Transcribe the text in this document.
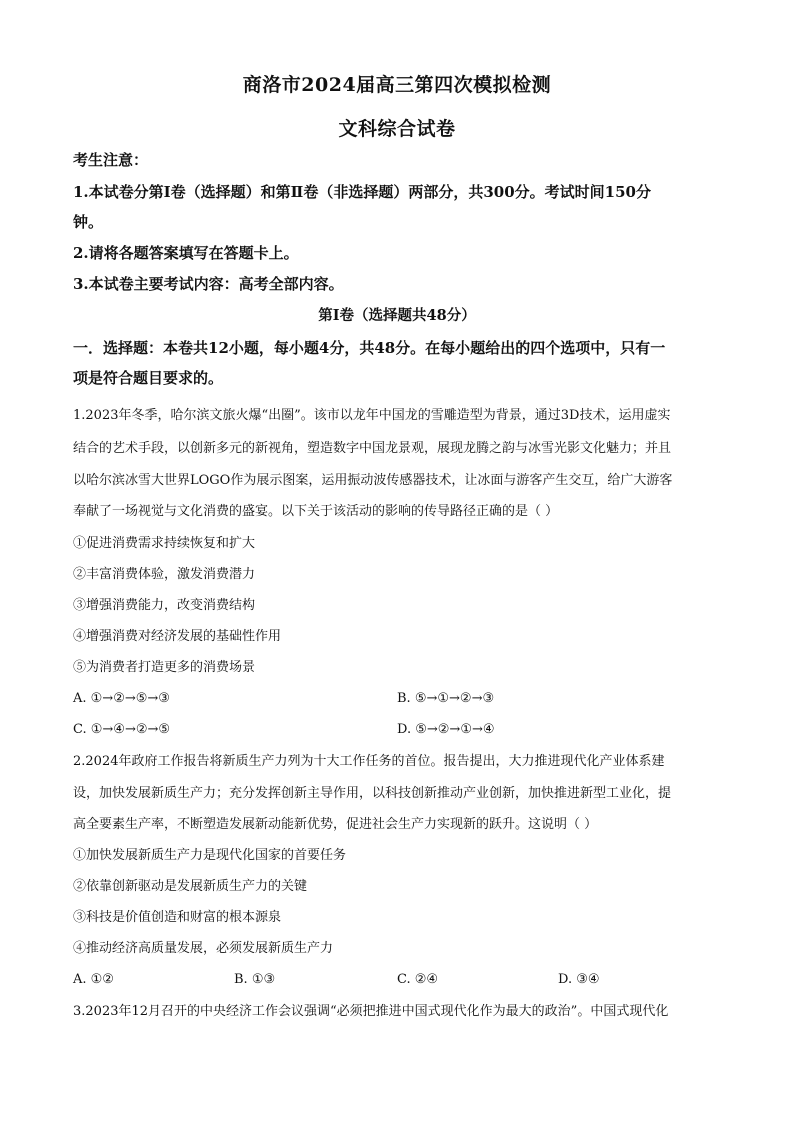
商洛市2024届高三第四次模拟检测
文科综合试卷
考生注意：
1.本试卷分第Ⅰ卷（选择题）和第Ⅱ卷（非选择题）两部分，共300分。考试时间150分
钟。
2.请将各题答案填写在答题卡上。
3.本试卷主要考试内容：高考全部内容。
第Ⅰ卷（选择题共48分）
一．选择题：本卷共12小题，每小题4分，共48分。在每小题给出的四个选项中，只有一
项是符合题目要求的。
1.2023年冬季，哈尔滨文旅火爆“出圈”。该市以龙年中国龙的雪雕造型为背景，通过3D技术，运用虚实
结合的艺术手段，以创新多元的新视角，塑造数字中国龙景观，展现龙腾之韵与冰雪光影文化魅力；并且
以哈尔滨冰雪大世界LOGO作为展示图案，运用振动波传感器技术，让冰面与游客产生交互，给广大游客
奉献了一场视觉与文化消费的盛宴。以下关于该活动的影响的传导路径正确的是（ ）
①促进消费需求持续恢复和扩大
②丰富消费体验，激发消费潜力
③增强消费能力，改变消费结构
④增强消费对经济发展的基础性作用
⑤为消费者打造更多的消费场景
A. ①→②→⑤→③	B. ⑤→①→②→③
C. ①→④→②→⑤	D. ⑤→②→①→④
2.2024年政府工作报告将新质生产力列为十大工作任务的首位。报告提出，大力推进现代化产业体系建
设，加快发展新质生产力；充分发挥创新主导作用，以科技创新推动产业创新，加快推进新型工业化，提
高全要素生产率，不断塑造发展新动能新优势，促进社会生产力实现新的跃升。这说明（ ）
①加快发展新质生产力是现代化国家的首要任务
②依靠创新驱动是发展新质生产力的关键
③科技是价值创造和财富的根本源泉
④推动经济高质量发展，必须发展新质生产力
A. ①②	B. ①③	C. ②④	D. ③④
3.2023年12月召开的中央经济工作会议强调“必须把推进中国式现代化作为最大的政治”。中国式现代化
